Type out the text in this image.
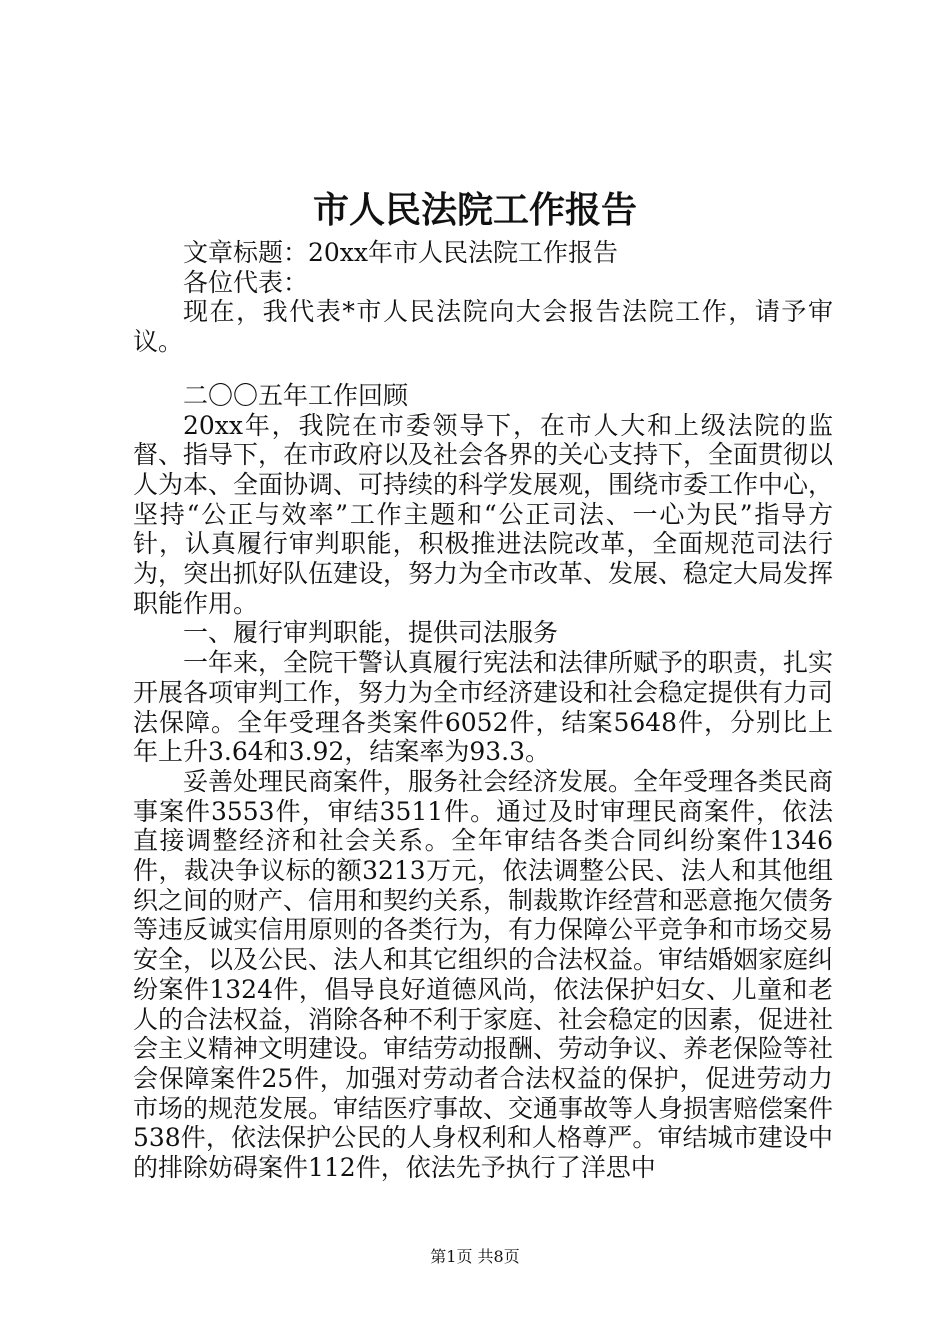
市人民法院工作报告

文章标题：20xx年市人民法院工作报告

各位代表：

现在，我代表*市人民法院向大会报告法院工作，请予审议。

二〇〇五年工作回顾

20xx年，我院在市委领导下，在市人大和上级法院的监督、指导下，在市政府以及社会各界的关心支持下，全面贯彻以人为本、全面协调、可持续的科学发展观，围绕市委工作中心，坚持“公正与效率”工作主题和“公正司法、一心为民”指导方针，认真履行审判职能，积极推进法院改革，全面规范司法行为，突出抓好队伍建设，努力为全市改革、发展、稳定大局发挥职能作用。

一、履行审判职能，提供司法服务

一年来，全院干警认真履行宪法和法律所赋予的职责，扎实开展各项审判工作，努力为全市经济建设和社会稳定提供有力司法保障。全年受理各类案件6052件，结案5648件，分别比上年上升3.64和3.92，结案率为93.3。

妥善处理民商案件，服务社会经济发展。全年受理各类民商事案件3553件，审结3511件。通过及时审理民商案件，依法直接调整经济和社会关系。全年审结各类合同纠纷案件1346件，裁决争议标的额3213万元，依法调整公民、法人和其他组织之间的财产、信用和契约关系，制裁欺诈经营和恶意拖欠债务等违反诚实信用原则的各类行为，有力保障公平竞争和市场交易安全，以及公民、法人和其它组织的合法权益。审结婚姻家庭纠纷案件1324件，倡导良好道德风尚，依法保护妇女、儿童和老人的合法权益，消除各种不利于家庭、社会稳定的因素，促进社会主义精神文明建设。审结劳动报酬、劳动争议、养老保险等社会保障案件25件，加强对劳动者合法权益的保护，促进劳动力市场的规范发展。审结医疗事故、交通事故等人身损害赔偿案件538件，依法保护公民的人身权利和人格尊严。审结城市建设中的排除妨碍案件112件，依法先予执行了洋思中

第1页 共8页
